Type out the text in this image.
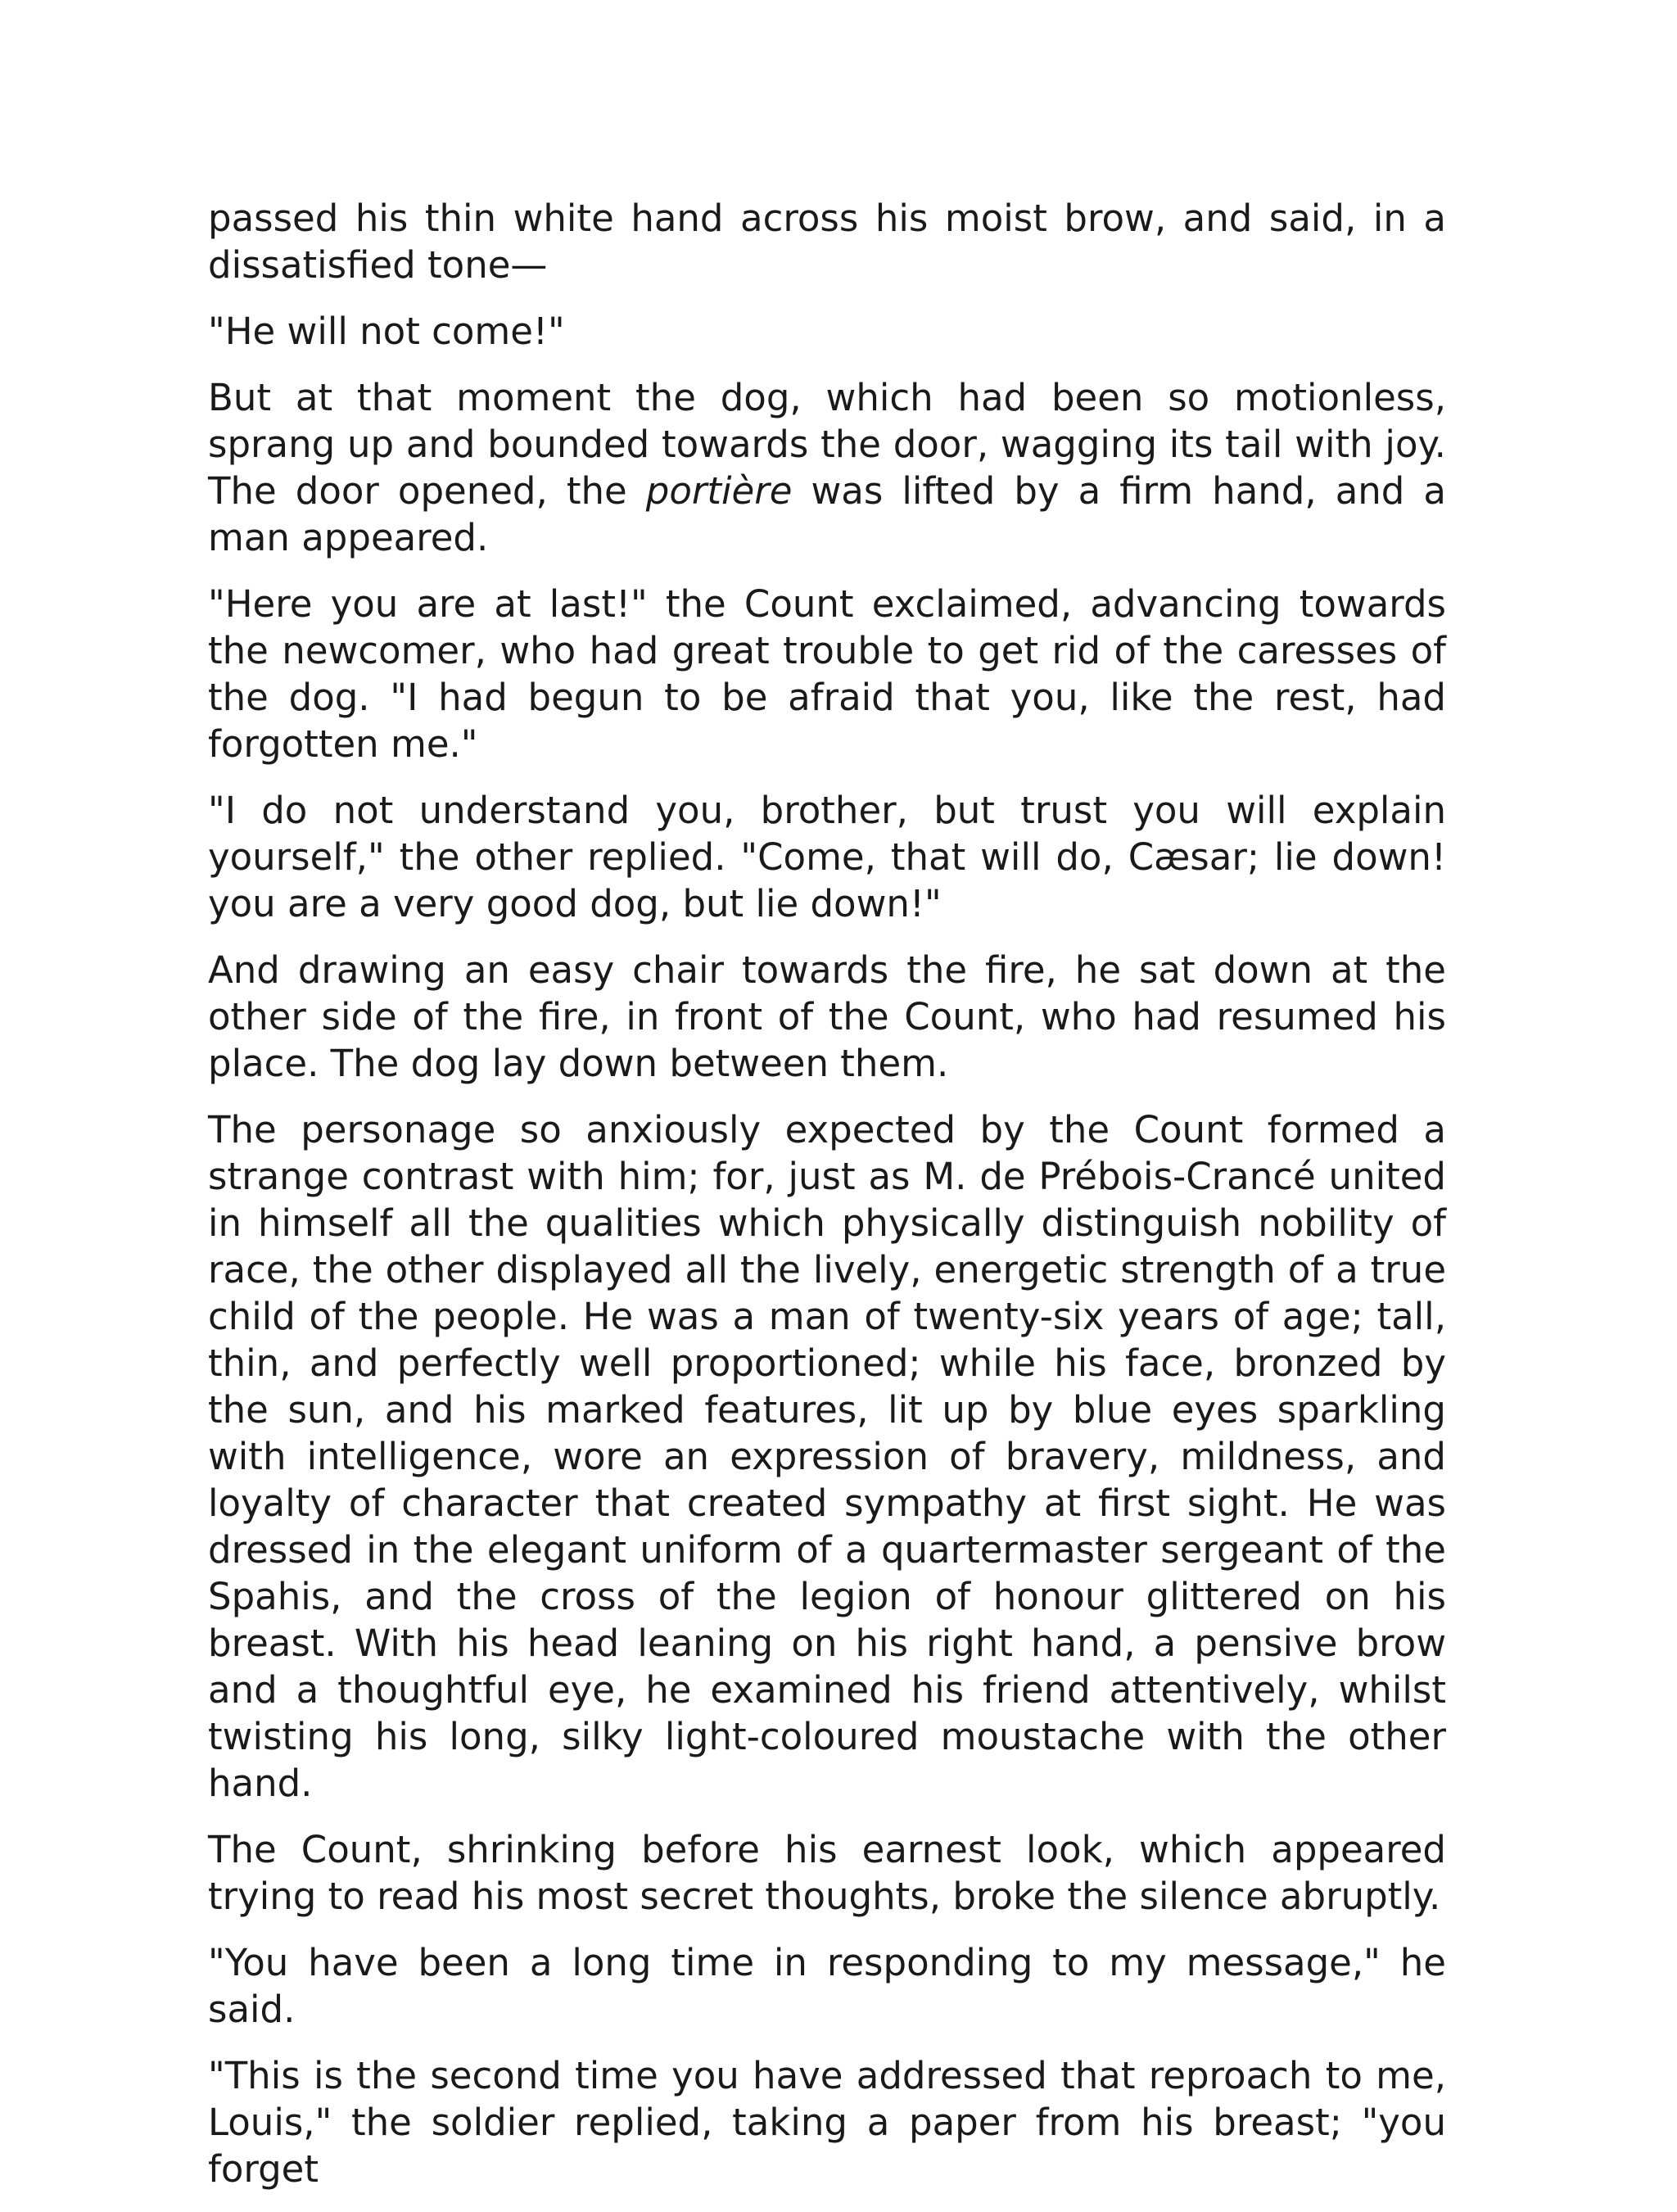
passed his thin white hand across his moist brow, and said, in a dissatisfied tone—

"He will not come!"

But at that moment the dog, which had been so motionless, sprang up and bounded towards the door, wagging its tail with joy. The door opened, the portière was lifted by a firm hand, and a man appeared.

"Here you are at last!" the Count exclaimed, advancing towards the newcomer, who had great trouble to get rid of the caresses of the dog. "I had begun to be afraid that you, like the rest, had forgotten me."

"I do not understand you, brother, but trust you will explain yourself," the other replied. "Come, that will do, Cæsar; lie down! you are a very good dog, but lie down!"

And drawing an easy chair towards the fire, he sat down at the other side of the fire, in front of the Count, who had resumed his place. The dog lay down between them.

The personage so anxiously expected by the Count formed a strange contrast with him; for, just as M. de Prébois-Crancé united in himself all the qualities which physically distinguish nobility of race, the other displayed all the lively, energetic strength of a true child of the people. He was a man of twenty-six years of age; tall, thin, and perfectly well proportioned; while his face, bronzed by the sun, and his marked features, lit up by blue eyes sparkling with intelligence, wore an expression of bravery, mildness, and loyalty of character that created sympathy at first sight. He was dressed in the elegant uniform of a quartermaster sergeant of the Spahis, and the cross of the legion of honour glittered on his breast. With his head leaning on his right hand, a pensive brow and a thoughtful eye, he examined his friend attentively, whilst twisting his long, silky light-coloured moustache with the other hand.

The Count, shrinking before his earnest look, which appeared trying to read his most secret thoughts, broke the silence abruptly.

"You have been a long time in responding to my message," he said.

"This is the second time you have addressed that reproach to me, Louis," the soldier replied, taking a paper from his breast; "you forget
